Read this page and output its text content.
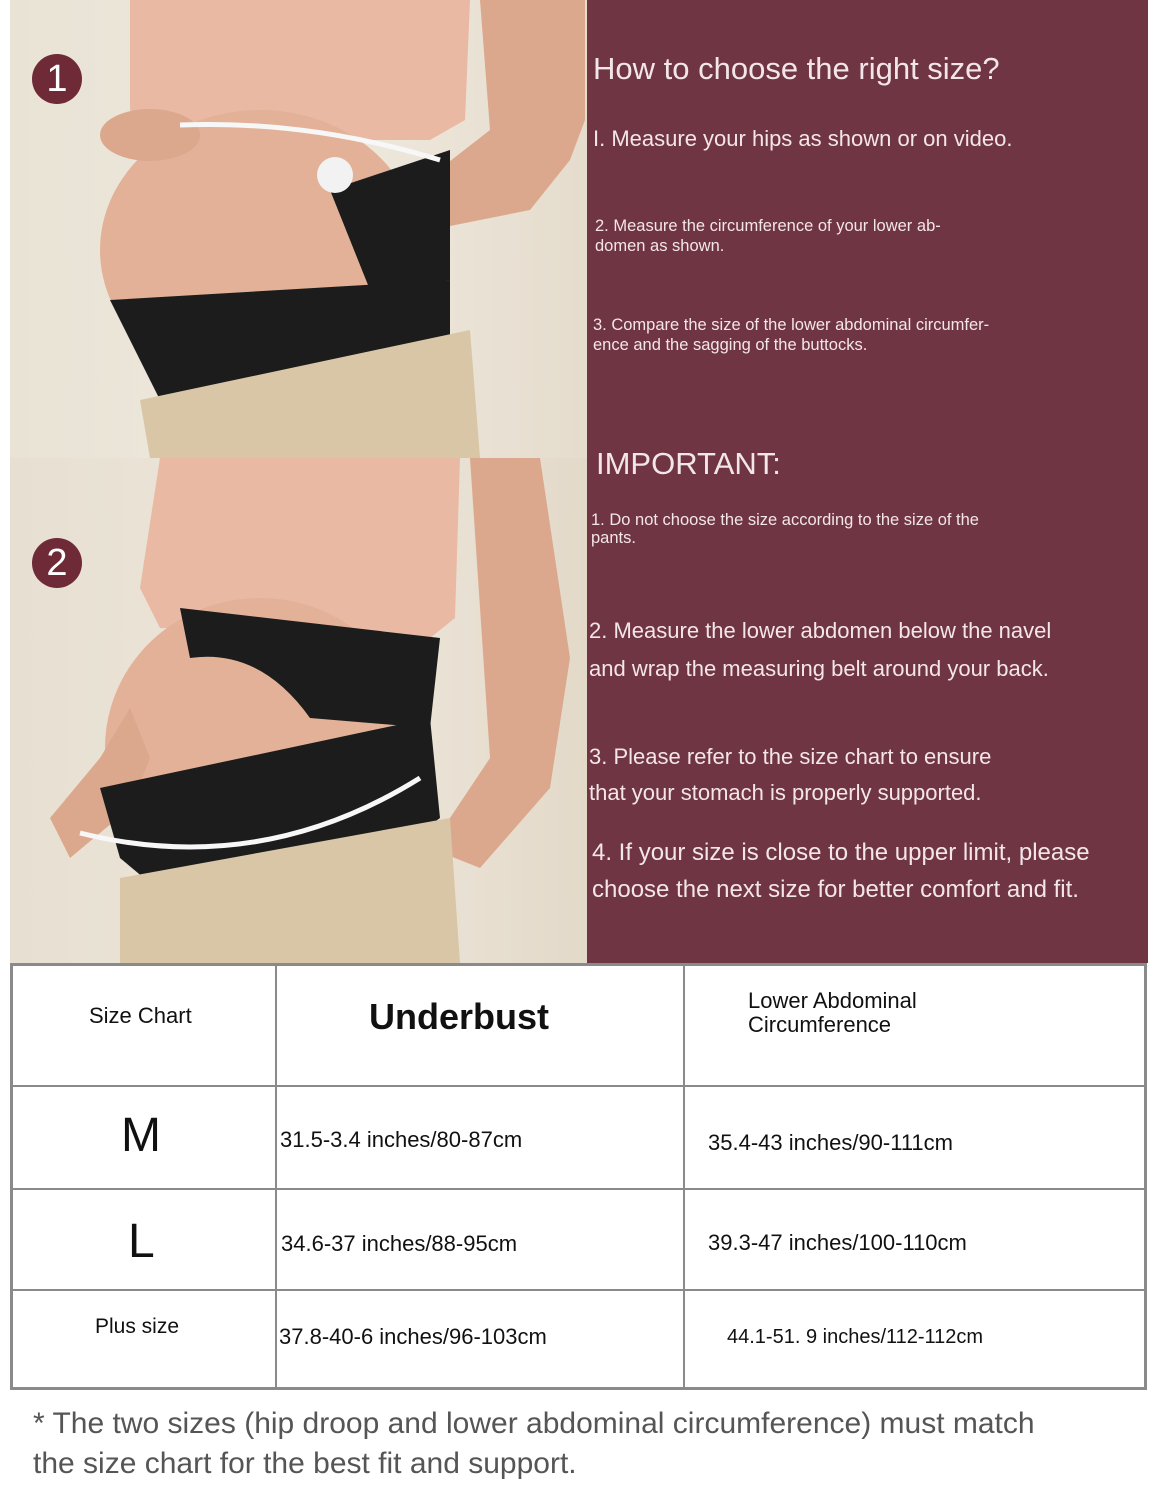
1
2
How to choose the right size?
I. Measure your hips as shown or on video.
2. Measure the circumference of your lower ab-
domen as shown.
3. Compare the size of the lower abdominal circumfer-
ence and the sagging of the buttocks.
IMPORTANT:
1. Do not choose the size according to the size of the
pants.
2. Measure the lower abdomen below the navel
and wrap the measuring belt around your back.
3. Please refer to the size chart to ensure
that your stomach is properly supported.
4. If your size is close to the upper limit, please
choose the next size for better comfort and fit.
Size Chart	Underbust	Lower Abdominal
Circumference
M	31.5-3.4 inches/80-87cm	35.4-43 inches/90-111cm
L	34.6-37 inches/88-95cm	39.3-47 inches/100-110cm
Plus size	37.8-40-6 inches/96-103cm	44.1-51. 9 inches/112-112cm
* The two sizes (hip droop and lower abdominal circumference) must match
the size chart for the best fit and support.
